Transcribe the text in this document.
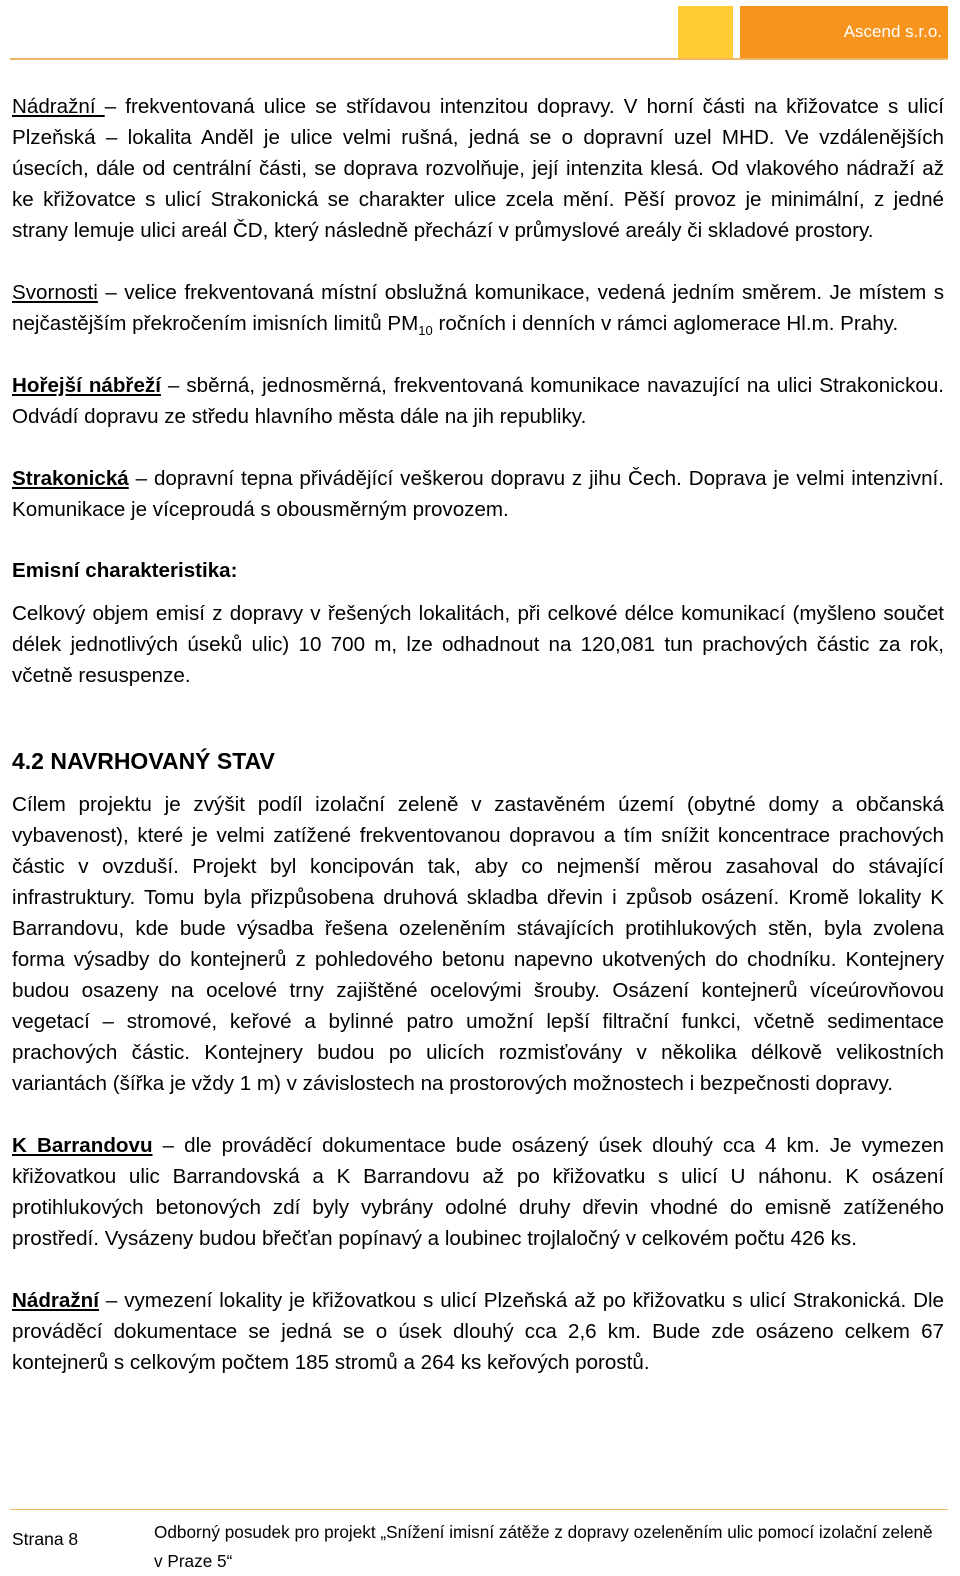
Ascend s.r.o.

Nádražní – frekventovaná ulice se střídavou intenzitou dopravy. V horní části na křižovatce s ulicí Plzeňská – lokalita Anděl je ulice velmi rušná, jedná se o dopravní uzel MHD. Ve vzdálenějších úsecích, dále od centrální části, se doprava rozvolňuje, její intenzita klesá. Od vlakového nádraží až ke křižovatce s ulicí Strakonická se charakter ulice zcela mění. Pěší provoz je minimální, z jedné strany lemuje ulici areál ČD, který následně přechází v průmyslové areály či skladové prostory.

Svornosti – velice frekventovaná místní obslužná komunikace, vedená jedním směrem. Je místem s nejčastějším překročením imisních limitů $PM_{10}$ ročních i denních v rámci aglomerace Hl.m. Prahy.

Hořejší nábřeží – sběrná, jednosměrná, frekventovaná komunikace navazující na ulici Strakonickou. Odvádí dopravu ze středu hlavního města dále na jih republiky.

Strakonická – dopravní tepna přivádějící veškerou dopravu z jihu Čech. Doprava je velmi intenzivní. Komunikace je víceproudá s obousměrným provozem.

Emisní charakteristika:

Celkový objem emisí z dopravy v řešených lokalitách, při celkové délce komunikací (myšleno součet délek jednotlivých úseků ulic) 10 700 m, lze odhadnout na 120,081 tun prachových částic za rok, včetně resuspenze.

4.2 NAVRHOVANÝ STAV

Cílem projektu je zvýšit podíl izolační zeleně v zastavěném území (obytné domy a občanská vybavenost), které je velmi zatížené frekventovanou dopravou a tím snížit koncentrace prachových částic v ovzduší. Projekt byl koncipován tak, aby co nejmenší měrou zasahoval do stávající infrastruktury. Tomu byla přizpůsobena druhová skladba dřevin i způsob osázení. Kromě lokality K Barrandovu, kde bude výsadba řešena ozeleněním stávajících protihlukových stěn, byla zvolena forma výsadby do kontejnerů z pohledového betonu napevno ukotvených do chodníku. Kontejnery budou osazeny na ocelové trny zajištěné ocelovými šrouby. Osázení kontejnerů víceúrovňovou vegetací – stromové, keřové a bylinné patro umožní lepší filtrační funkci, včetně sedimentace prachových částic. Kontejnery budou po ulicích rozmisťovány v několika délkově velikostních variantách (šířka je vždy 1 m) v závislostech na prostorových možnostech i bezpečnosti dopravy.

K Barrandovu – dle prováděcí dokumentace bude osázený úsek dlouhý cca 4 km. Je vymezen křižovatkou ulic Barrandovská a K Barrandovu až po křižovatku s ulicí U náhonu. K osázení protihlukových betonových zdí byly vybrány odolné druhy dřevin vhodné do emisně zatíženého prostředí. Vysázeny budou břečťan popínavý a loubinec trojlaločný v celkovém počtu 426 ks.

Nádražní – vymezení lokality je křižovatkou s ulicí Plzeňská až po křižovatku s ulicí Strakonická. Dle prováděcí dokumentace se jedná se o úsek dlouhý cca 2,6 km. Bude zde osázeno celkem 67 kontejnerů s celkovým počtem 185 stromů a 264 ks keřových porostů.

Strana 8	Odborný posudek pro projekt „Snížení imisní zátěže z dopravy ozeleněním ulic pomocí izolační zeleně v Praze 5“
